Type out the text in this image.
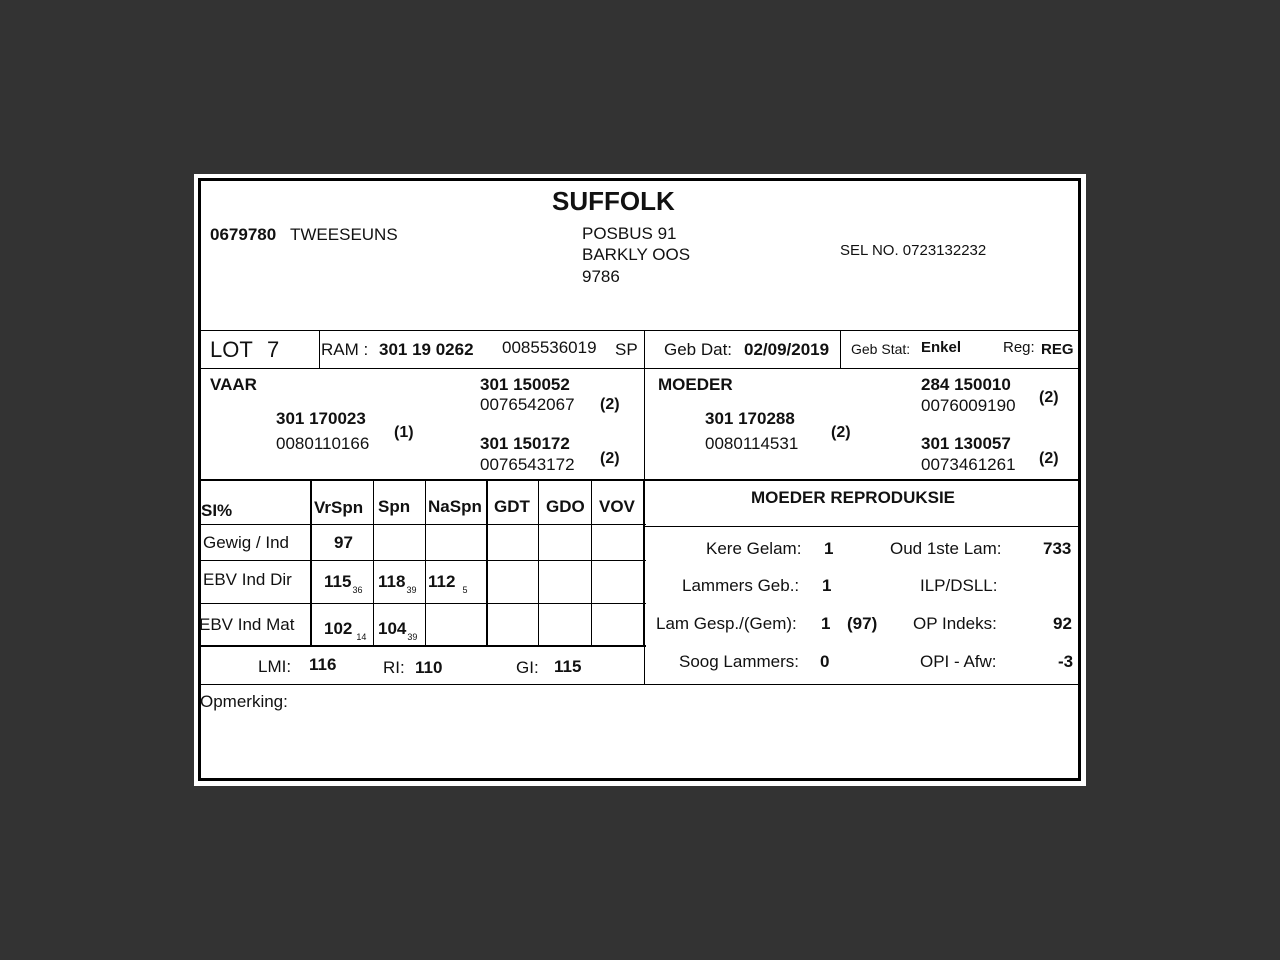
SUFFOLK
0679780 TWEESEUNS	POSBUS 91
BARKLY OOS
9786
SEL NO. 0723132232
LOT 7 RAM : 301 19 0262 0085536019 SP Geb Dat: 02/09/2019 Geb Stat: Enkel	Reg: REG
VAAR
301 170023
0080110166
(1)
301 150052
0076542067 (2)
301 150172
0076543172 (2)
MOEDER
301 170288
0080114531
(2)
284 150010
0076009190 (2)
301 130057
0073461261 (2)
SI%	VrSpn Spn NaSpn GDT GDO VOV
Gewig / Ind	97
EBV Ind Dir $115_{36}$ $118_{39}$ 112 $_5$
EBV Ind Mat 102 $_{14}$ $104_{39}$
LMI: 116	RI: 110	GI: 115
MOEDER REPRODUKSIE
Kere Gelam: 1	Oud 1ste Lam: 733
Lammers Geb.: 1	ILP/DSLL:
Lam Gesp./(Gem): 1 (97) OP Indeks:	92
Soog Lammers: 0	OPI - Afw:	-3
Opmerking:
